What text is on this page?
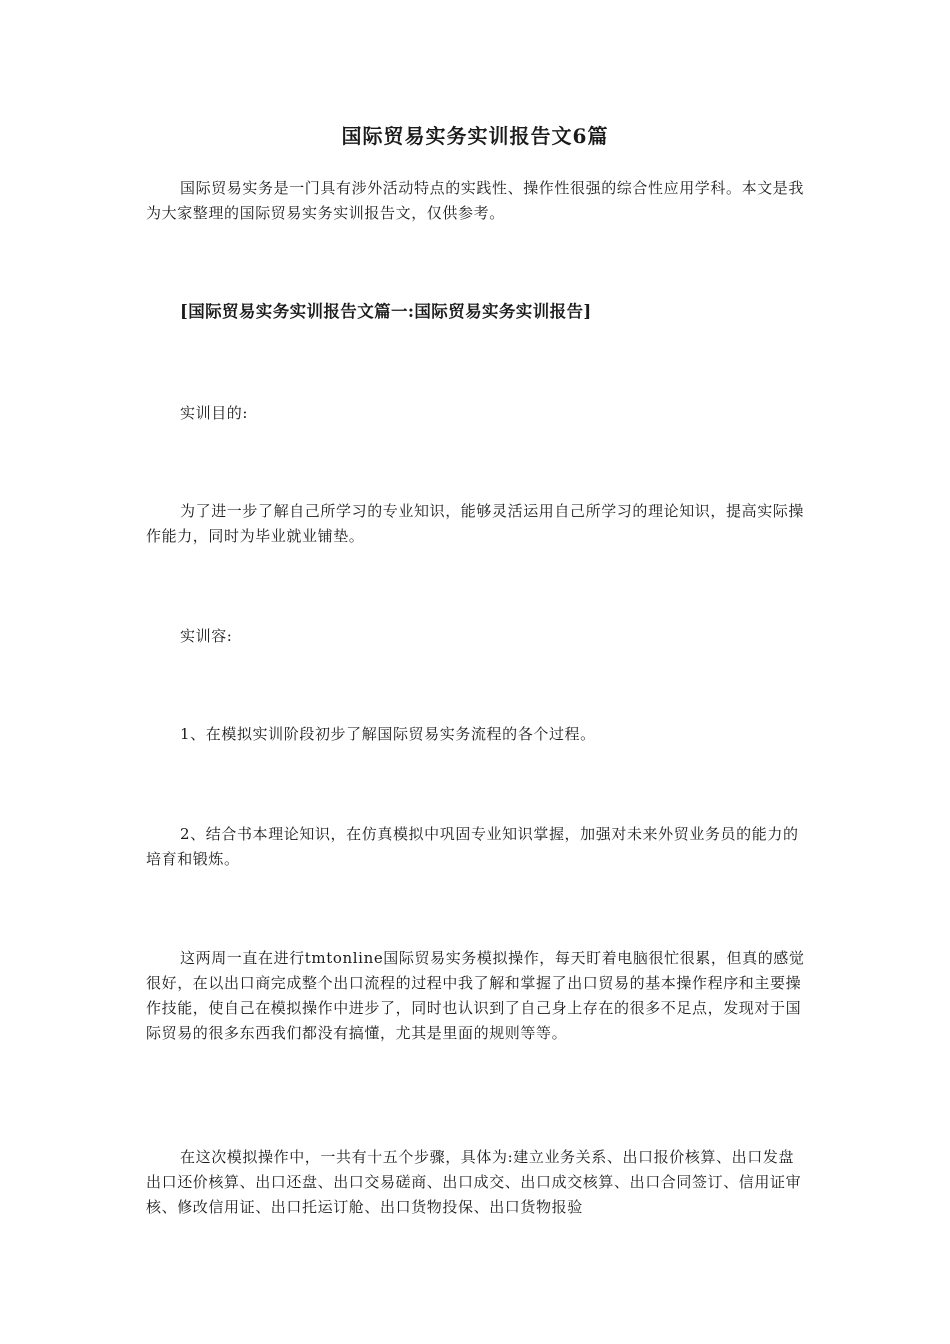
国际贸易实务实训报告文6篇

国际贸易实务是一门具有涉外活动特点的实践性、操作性很强的综合性应用学科。本文是我为大家整理的国际贸易实务实训报告文，仅供参考。

[国际贸易实务实训报告文篇一:国际贸易实务实训报告]

实训目的:

为了进一步了解自己所学习的专业知识，能够灵活运用自己所学习的理论知识，提高实际操作能力，同时为毕业就业铺垫。

实训容:

1、在模拟实训阶段初步了解国际贸易实务流程的各个过程。

2、结合书本理论知识，在仿真模拟中巩固专业知识掌握，加强对未来外贸业务员的能力的培育和锻炼。

这两周一直在进行tmtonline国际贸易实务模拟操作，每天盯着电脑很忙很累，但真的感觉很好，在以出口商完成整个出口流程的过程中我了解和掌握了出口贸易的基本操作程序和主要操作技能，使自己在模拟操作中进步了，同时也认识到了自己身上存在的很多不足点，发现对于国际贸易的很多东西我们都没有搞懂，尤其是里面的规则等等。

在这次模拟操作中，一共有十五个步骤，具体为:建立业务关系、出口报价核算、出口发盘出口还价核算、出口还盘、出口交易磋商、出口成交、出口成交核算、出口合同签订、信用证审核、修改信用证、出口托运订舱、出口货物投保、出口货物报验
